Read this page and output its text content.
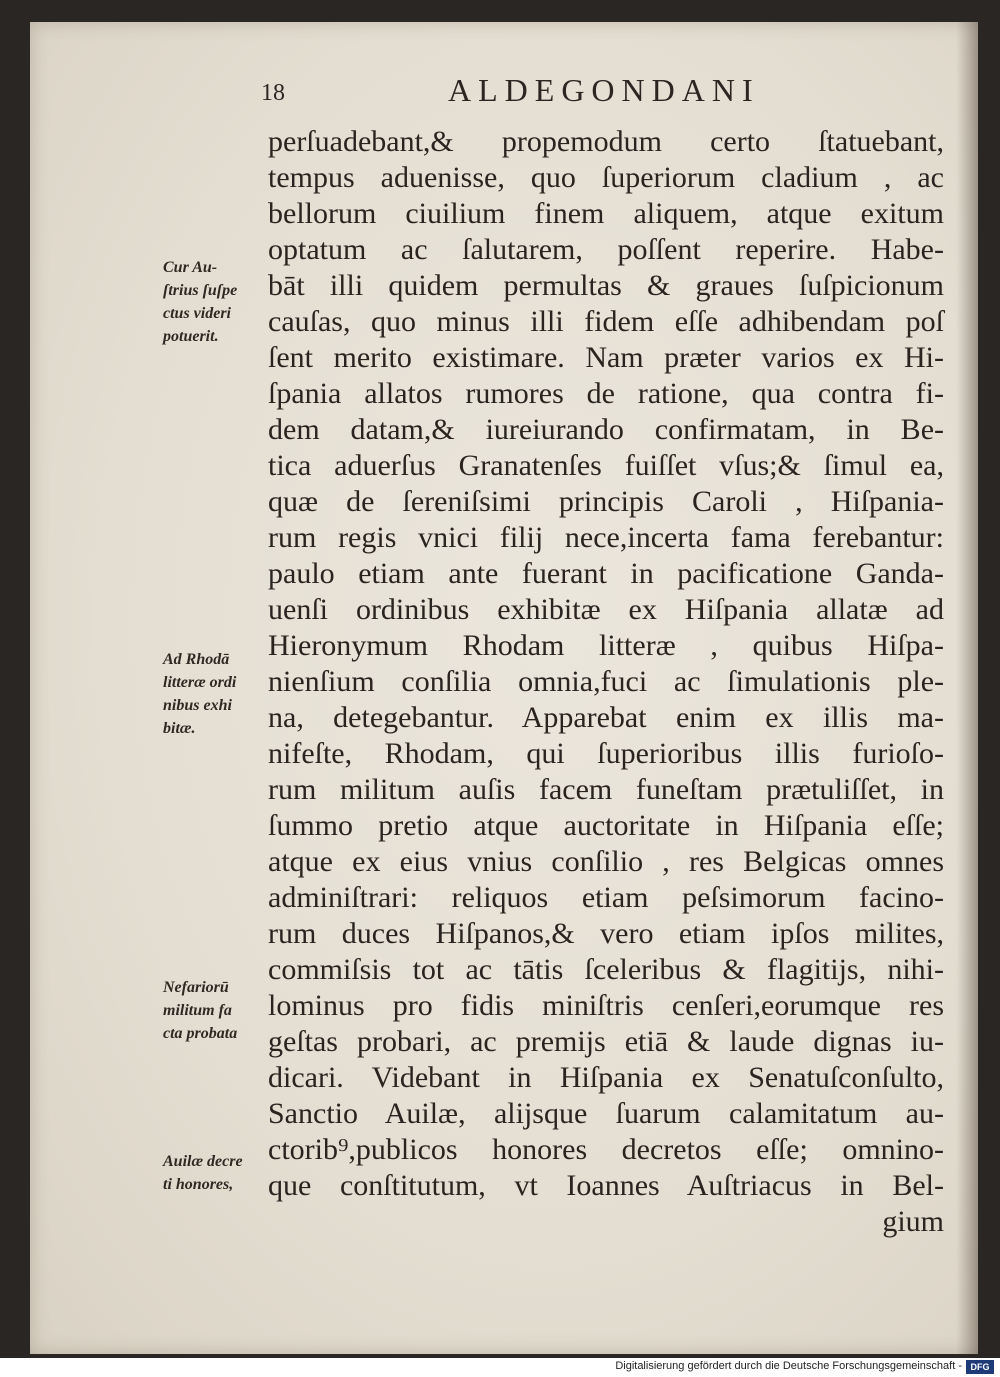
18	ALDEGONDANI
perſuadebant,& propemodum certo ſtatuebant,
tempus aduenisse, quo ſuperiorum cladium , ac
bellorum ciuilium finem aliquem, atque exitum
optatum ac ſalutarem, poſſent reperire. Habe-
bāt illi quidem permultas & graues ſuſpicionum
cauſas, quo minus illi fidem eſſe adhibendam poſ
ſent merito existimare. Nam præter varios ex Hi-
ſpania allatos rumores de ratione, qua contra fi-
dem datam,& iureiurando confirmatam, in Be-
tica aduerſus Granatenſes fuiſſet vſus;& ſimul ea,
quæ de ſereniſsimi principis Caroli , Hiſpania-
rum regis vnici filij nece,incerta fama ferebantur:
paulo etiam ante fuerant in pacificatione Ganda-
uenſi ordinibus exhibitæ ex Hiſpania allatæ ad
Hieronymum Rhodam litteræ , quibus Hiſpa-
nienſium conſilia omnia,fuci ac ſimulationis ple-
na, detegebantur. Apparebat enim ex illis ma-
nifeſte, Rhodam, qui ſuperioribus illis furioſo-
rum militum auſis facem funeſtam prætuliſſet, in
ſummo pretio atque auctoritate in Hiſpania eſſe;
atque ex eius vnius conſilio , res Belgicas omnes
adminiſtrari: reliquos etiam peſsimorum facino-
rum duces Hiſpanos,& vero etiam ipſos milites,
commiſsis tot ac tātis ſceleribus & flagitijs, nihi-
lominus pro fidis miniſtris cenſeri,eorumque res
geſtas probari, ac premijs etiā & laude dignas iu-
dicari. Videbant in Hiſpania ex Senatuſconſulto,
Sanctio Auilæ, alijsque ſuarum calamitatum au-
ctorib⁹,publicos honores decretos eſſe; omnino-
que conſtitutum, vt Ioannes Auſtriacus in Bel-
gium
Cur Au-
ſtrius ſuſpe
ctus videri
potuerit.
Ad Rhodā
litteræ ordi
nibus exhi
bitæ.
Nefariorū
militum fa
cta probata
Auilæ decre
ti honores,
Digitalisierung gefördert durch die Deutsche Forschungsgemeinschaft - DFG
